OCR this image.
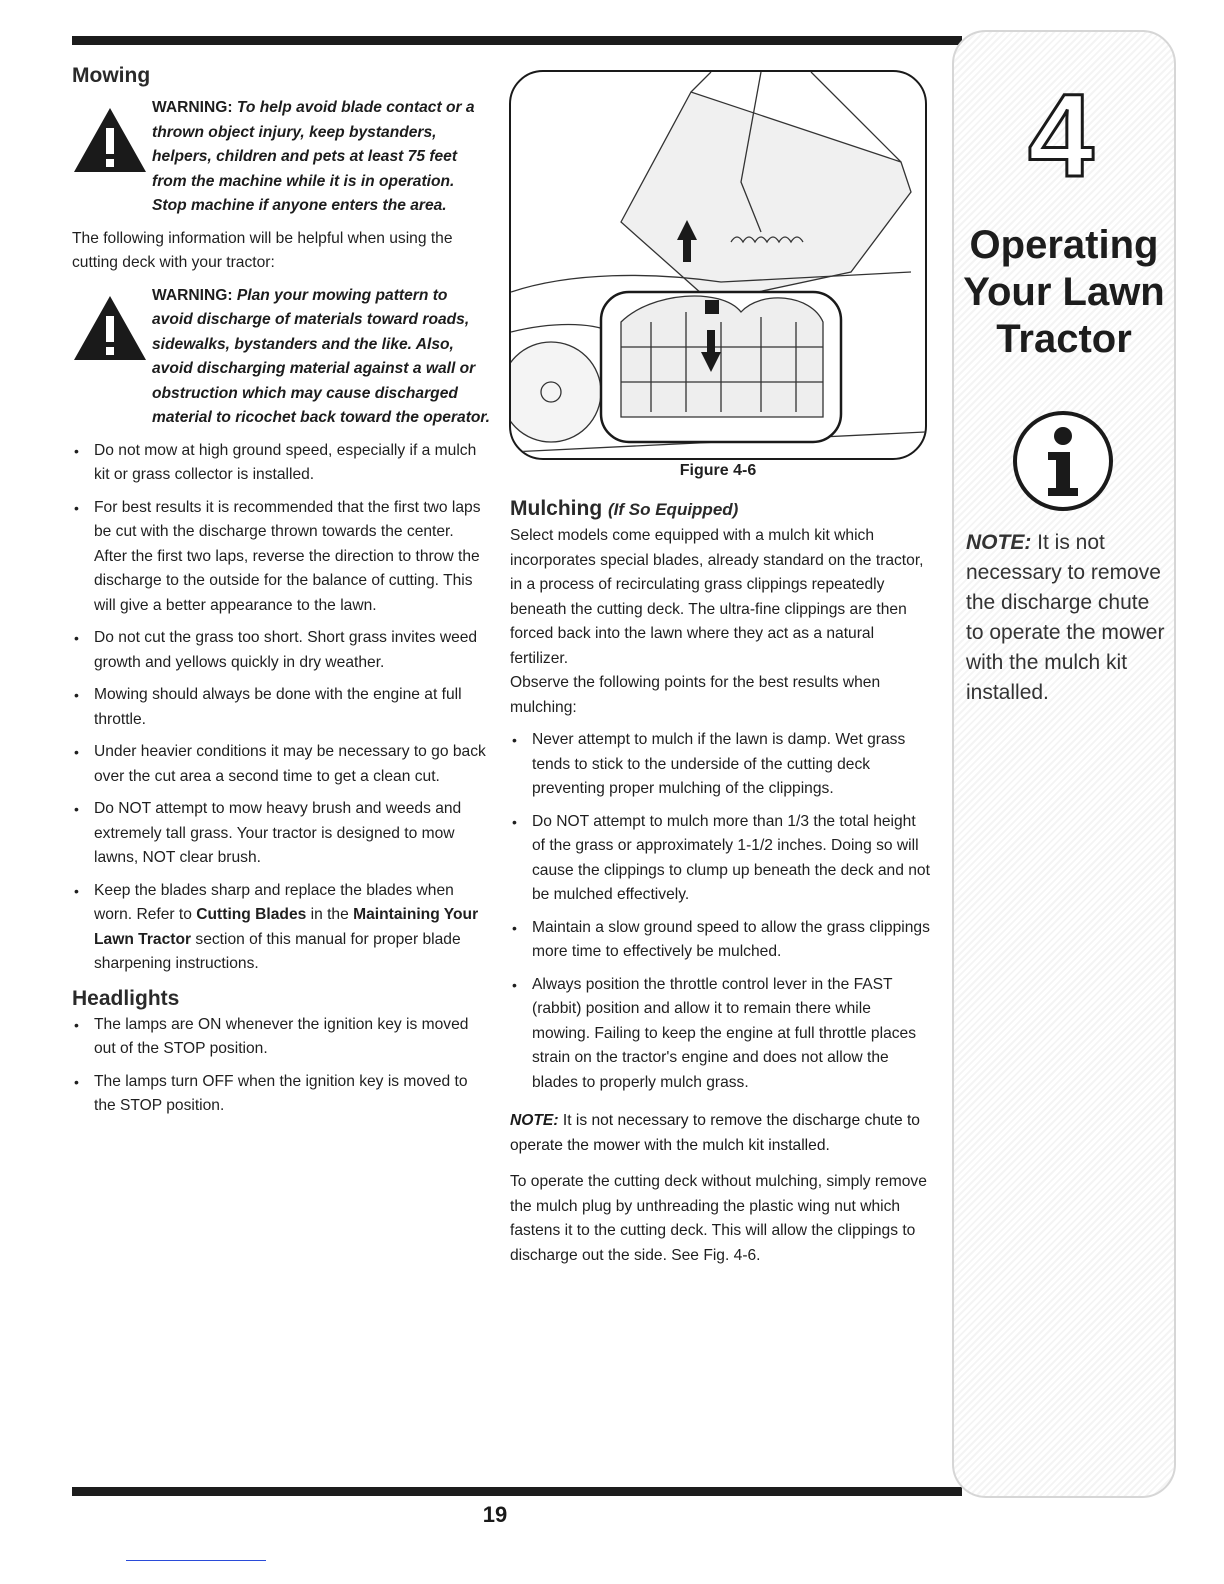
Mowing

WARNING: To help avoid blade contact or a thrown object injury, keep bystanders, helpers, children and pets at least 75 feet from the machine while it is in operation. Stop machine if anyone enters the area.

The following information will be helpful when using the cutting deck with your tractor:

WARNING: Plan your mowing pattern to avoid discharge of materials toward roads, sidewalks, bystanders and the like. Also, avoid discharging material against a wall or obstruction which may cause discharged material to ricochet back toward the operator.

• Do not mow at high ground speed, especially if a mulch kit or grass collector is installed.
• For best results it is recommended that the first two laps be cut with the discharge thrown towards the center. After the first two laps, reverse the direction to throw the discharge to the outside for the balance of cutting. This will give a better appearance to the lawn.
• Do not cut the grass too short. Short grass invites weed growth and yellows quickly in dry weather.
• Mowing should always be done with the engine at full throttle.
• Under heavier conditions it may be necessary to go back over the cut area a second time to get a clean cut.
• Do NOT attempt to mow heavy brush and weeds and extremely tall grass. Your tractor is designed to mow lawns, NOT clear brush.
• Keep the blades sharp and replace the blades when worn. Refer to Cutting Blades in the Maintaining Your Lawn Tractor section of this manual for proper blade sharpening instructions.
Headlights
• The lamps are ON whenever the ignition key is moved out of the STOP position.
• The lamps turn OFF when the ignition key is moved to the STOP position.
Figure 4-6

Mulching (If So Equipped)

Select models come equipped with a mulch kit which incorporates special blades, already standard on the tractor, in a process of recirculating grass clippings repeatedly beneath the cutting deck. The ultra-fine clippings are then forced back into the lawn where they act as a natural fertilizer.

Observe the following points for the best results when mulching:

• Never attempt to mulch if the lawn is damp. Wet grass tends to stick to the underside of the cutting deck preventing proper mulching of the clippings.
• Do NOT attempt to mulch more than 1/3 the total height of the grass or approximately 1-1/2 inches. Doing so will cause the clippings to clump up beneath the deck and not be mulched effectively.
• Maintain a slow ground speed to allow the grass clippings more time to effectively be mulched.
• Always position the throttle control lever in the FAST (rabbit) position and allow it to remain there while mowing. Failing to keep the engine at full throttle places strain on the tractor's engine and does not allow the blades to properly mulch grass.

NOTE: It is not necessary to remove the discharge chute to operate the mower with the mulch kit installed.

To operate the cutting deck without mulching, simply remove the mulch plug by unthreading the plastic wing nut which fastens it to the cutting deck. This will allow the clippings to discharge out the side. See Fig. 4-6.

4
Operating
Your Lawn
Tractor
NOTE: It is not necessary to remove the discharge chute to operate the mower with the mulch kit installed.
19
